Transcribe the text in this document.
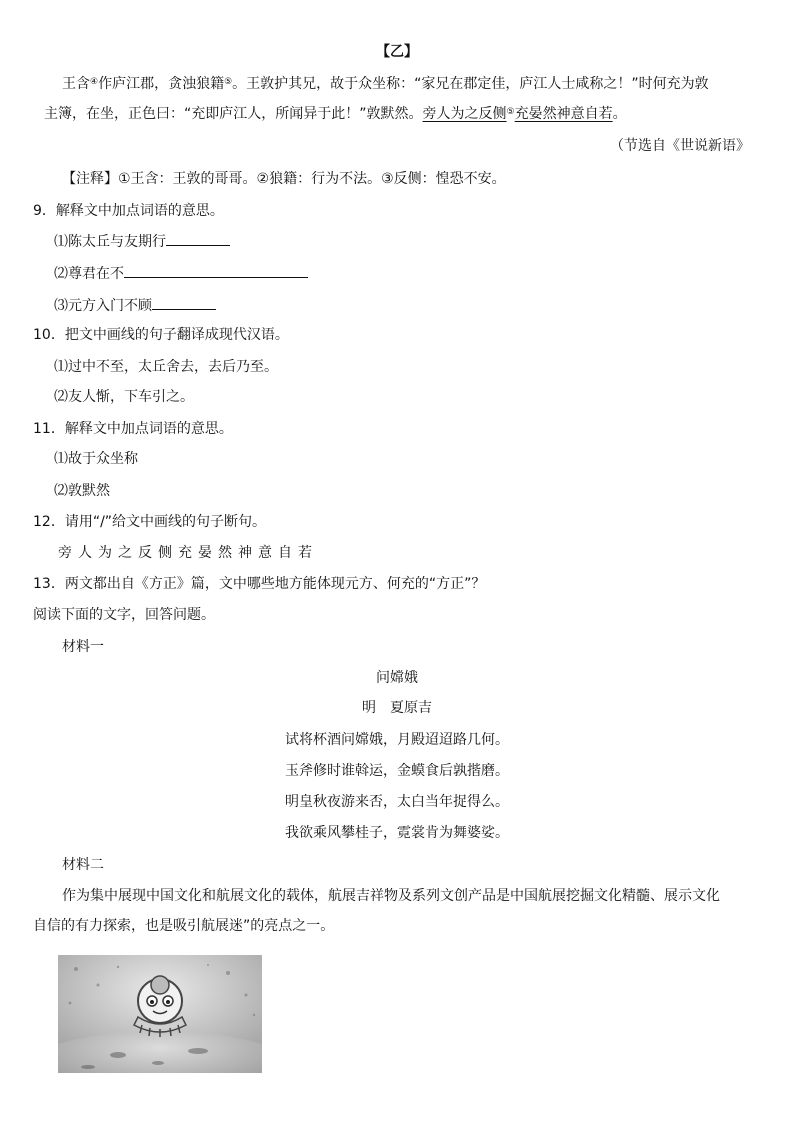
【乙】
王含④作庐江郡，贪浊狼籍⑤。王敦护其兄，故于众坐称：“家兄在郡定佳，庐江人士咸称之！”时何充为敦
主簿，在坐，正色曰：“充即庐江人，所闻异于此！”敦默然。旁人为之反侧⑤充晏然神意自若。
（节选自《世说新语》
【注释】①王含：王敦的哥哥。②狼籍：行为不法。③反侧：惶恐不安。
9．解释文中加点词语的意思。
⑴陈太丘与友期行
⑵尊君在不
⑶元方入门不顾
10．把文中画线的句子翻译成现代汉语。
⑴过中不至，太丘舍去，去后乃至。
⑵友人惭，下车引之。
11．解释文中加点词语的意思。
⑴故于众坐称
⑵敦默然
12．请用“/”给文中画线的句子断句。
旁人为之反侧充晏然神意自若
13．两文都出自《方正》篇，文中哪些地方能体现元方、何充的“方正”？
阅读下面的文字，回答问题。
材料一
问嫦娥
明　夏原吉
试将杯酒问嫦娥，月殿迢迢路几何。
玉斧修时谁斡运，金蟆食后孰揩磨。
明皇秋夜游来否，太白当年捉得么。
我欲乘风攀桂子，霓裳肯为舞婆娑。
材料二
作为集中展现中国文化和航展文化的载体，航展吉祥物及系列文创产品是中国航展挖掘文化精髓、展示文化
自信的有力探索，也是吸引航展迷”的亮点之一。
